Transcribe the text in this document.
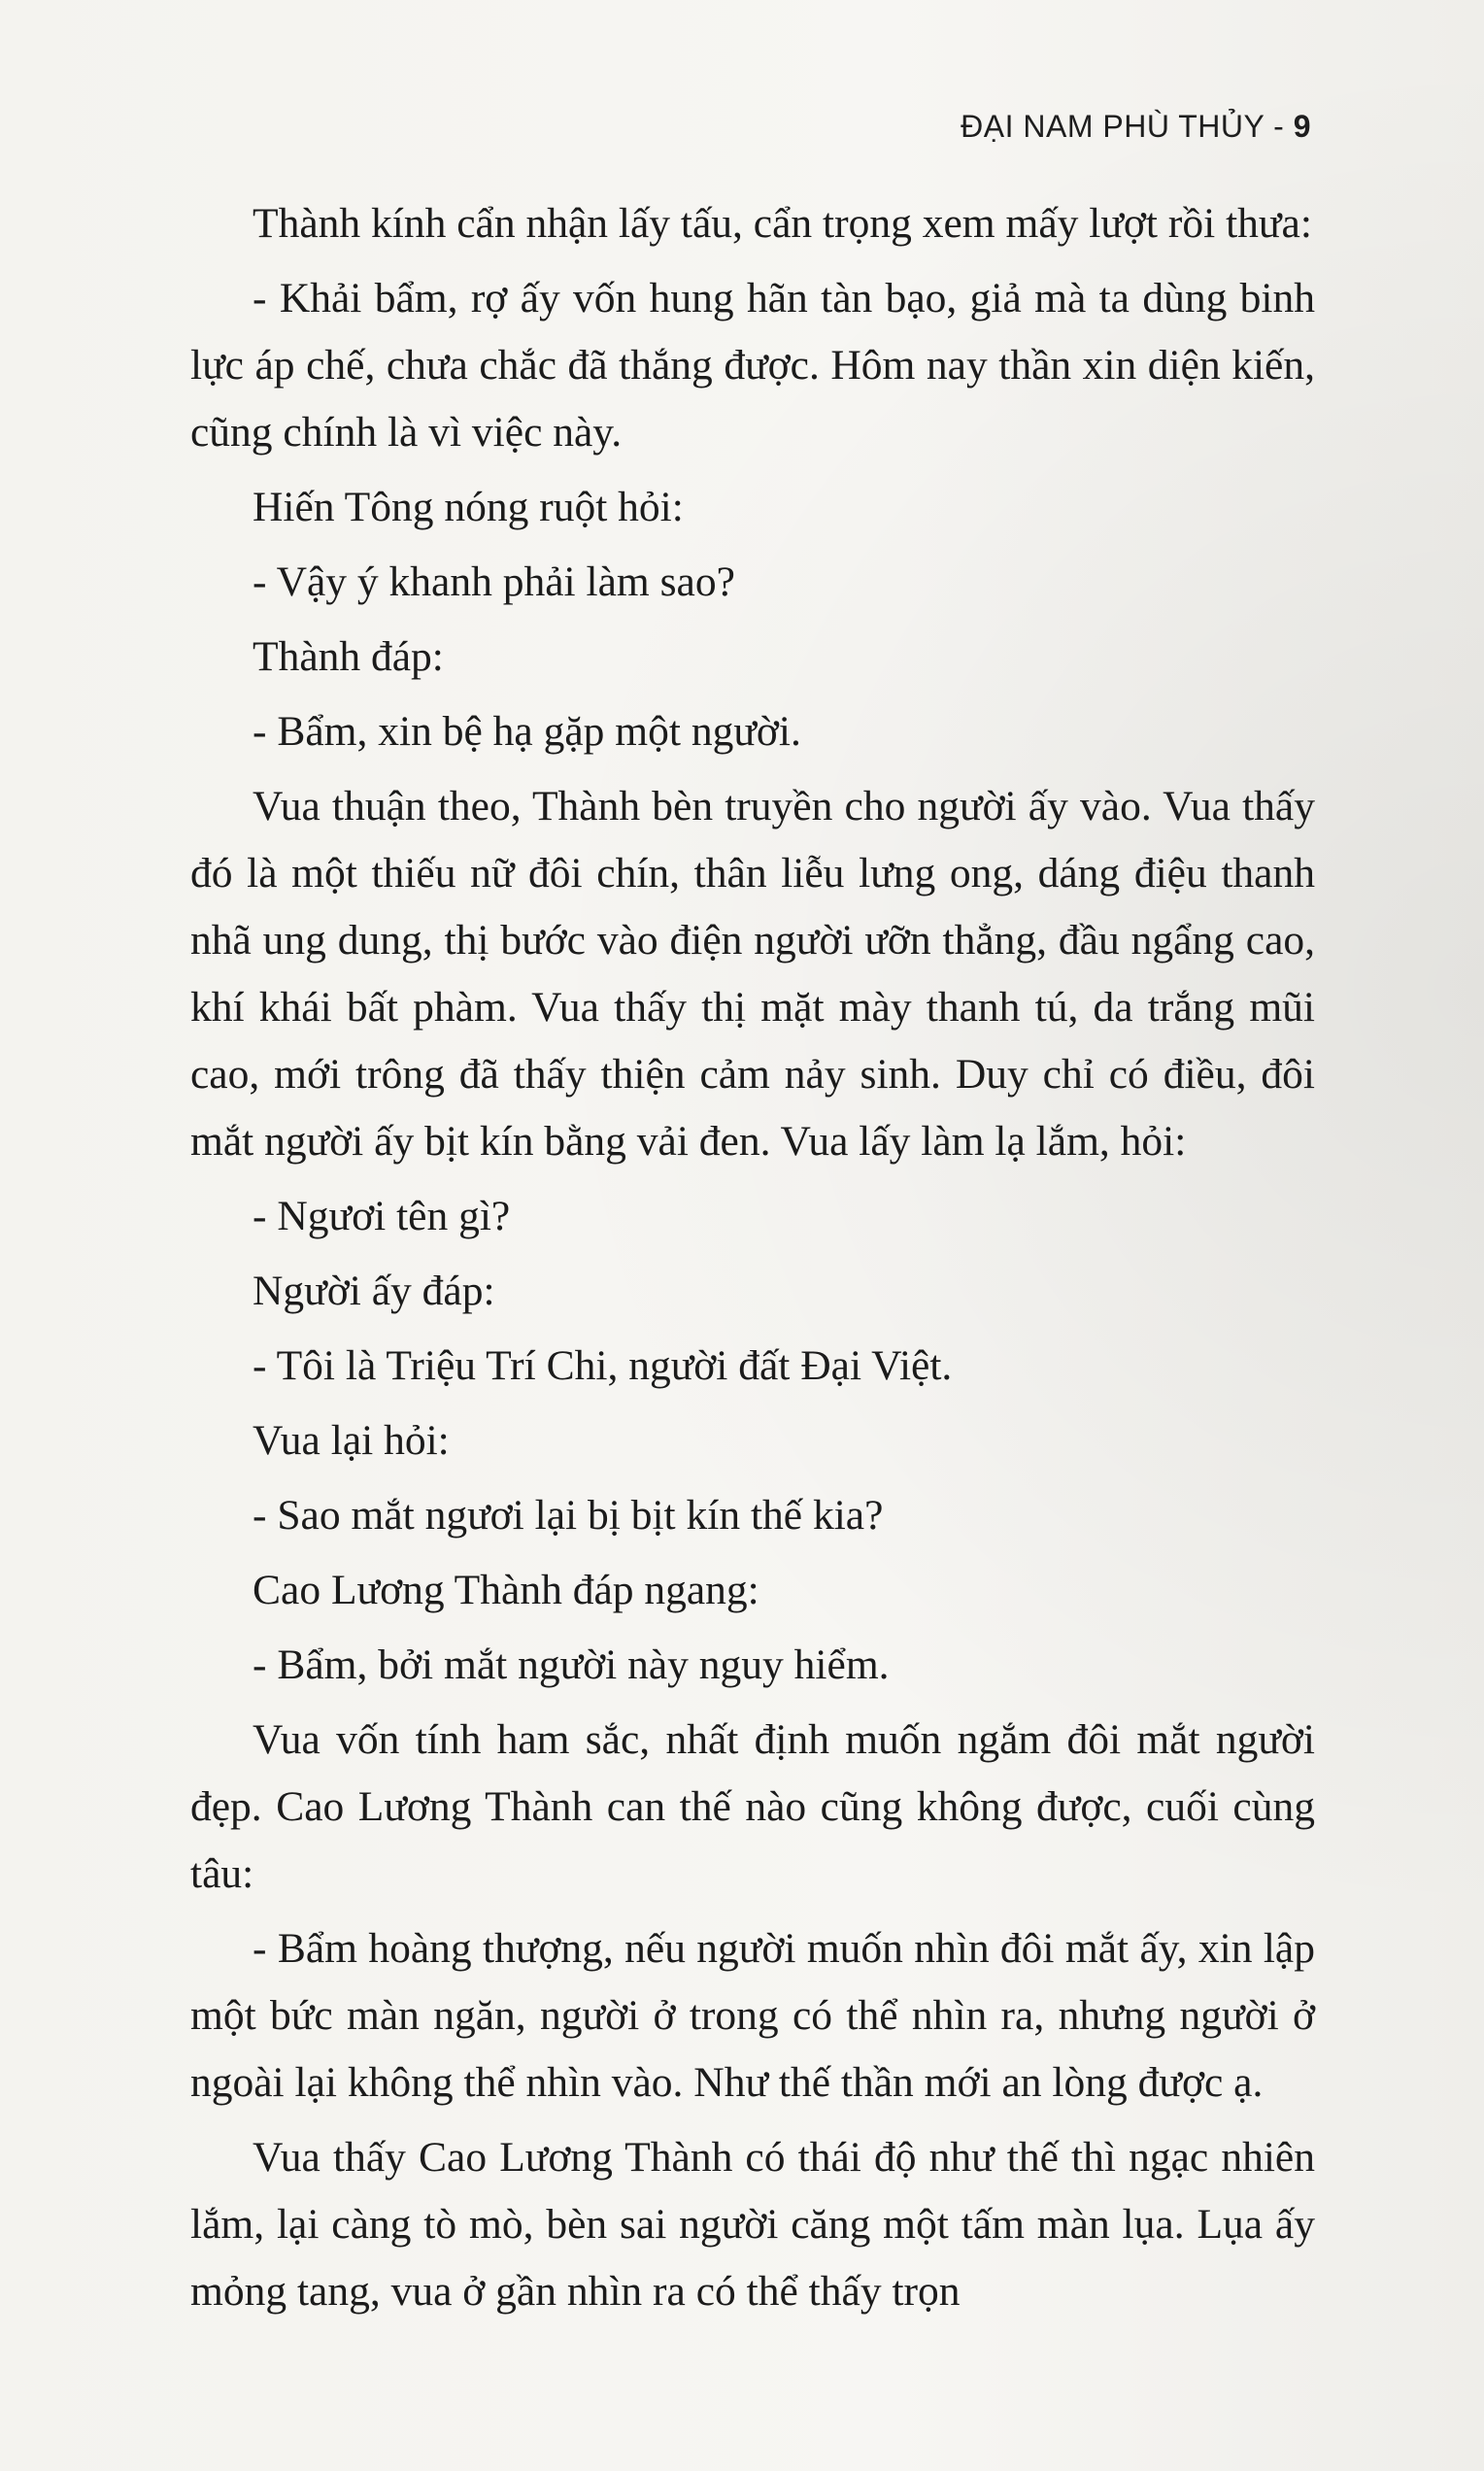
ĐẠI NAM PHÙ THỦY - 9

Thành kính cẩn nhận lấy tấu, cẩn trọng xem mấy lượt rồi thưa:

- Khải bẩm, rợ ấy vốn hung hãn tàn bạo, giả mà ta dùng binh lực áp chế, chưa chắc đã thắng được. Hôm nay thần xin diện kiến, cũng chính là vì việc này.

Hiến Tông nóng ruột hỏi:

- Vậy ý khanh phải làm sao?

Thành đáp:

- Bẩm, xin bệ hạ gặp một người.

Vua thuận theo, Thành bèn truyền cho người ấy vào. Vua thấy đó là một thiếu nữ đôi chín, thân liễu lưng ong, dáng điệu thanh nhã ung dung, thị bước vào điện người ưỡn thẳng, đầu ngẩng cao, khí khái bất phàm. Vua thấy thị mặt mày thanh tú, da trắng mũi cao, mới trông đã thấy thiện cảm nảy sinh. Duy chỉ có điều, đôi mắt người ấy bịt kín bằng vải đen. Vua lấy làm lạ lắm, hỏi:

- Ngươi tên gì?

Người ấy đáp:

- Tôi là Triệu Trí Chi, người đất Đại Việt.

Vua lại hỏi:

- Sao mắt ngươi lại bị bịt kín thế kia?

Cao Lương Thành đáp ngang:

- Bẩm, bởi mắt người này nguy hiểm.

Vua vốn tính ham sắc, nhất định muốn ngắm đôi mắt người đẹp. Cao Lương Thành can thế nào cũng không được, cuối cùng tâu:

- Bẩm hoàng thượng, nếu người muốn nhìn đôi mắt ấy, xin lập một bức màn ngăn, người ở trong có thể nhìn ra, nhưng người ở ngoài lại không thể nhìn vào. Như thế thần mới an lòng được ạ.

Vua thấy Cao Lương Thành có thái độ như thế thì ngạc nhiên lắm, lại càng tò mò, bèn sai người căng một tấm màn lụa. Lụa ấy mỏng tang, vua ở gần nhìn ra có thể thấy trọn
